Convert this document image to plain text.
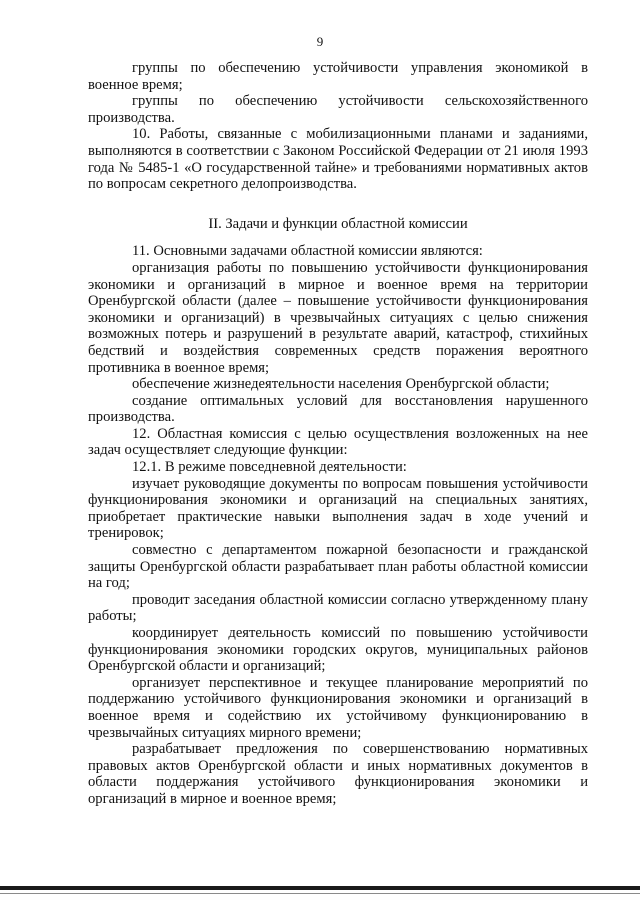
9

группы по обеспечению устойчивости управления экономикой в военное время;

группы по обеспечению устойчивости сельскохозяйственного производства.

10. Работы, связанные с мобилизационными планами и заданиями, выполняются в соответствии с Законом Российской Федерации от 21 июля 1993 года № 5485-1 «О государственной тайне» и требованиями нормативных актов по вопросам секретного делопроизводства.

II. Задачи и функции областной комиссии

11. Основными задачами областной комиссии являются:

организация работы по повышению устойчивости функционирования экономики и организаций в мирное и военное время на территории Оренбургской области (далее – повышение устойчивости функционирования экономики и организаций) в чрезвычайных ситуациях с целью снижения возможных потерь и разрушений в результате аварий, катастроф, стихийных бедствий и воздействия современных средств поражения вероятного противника в военное время;

обеспечение жизнедеятельности населения Оренбургской области;

создание оптимальных условий для восстановления нарушенного производства.

12. Областная комиссия с целью осуществления возложенных на нее задач осуществляет следующие функции:

12.1. В режиме повседневной деятельности:

изучает руководящие документы по вопросам повышения устойчивости функционирования экономики и организаций на специальных занятиях, приобретает практические навыки выполнения задач в ходе учений и тренировок;

совместно с департаментом пожарной безопасности и гражданской защиты Оренбургской области разрабатывает план работы областной комиссии на год;

проводит заседания областной комиссии согласно утвержденному плану работы;

координирует деятельность комиссий по повышению устойчивости функционирования экономики городских округов, муниципальных районов Оренбургской области и организаций;

организует перспективное и текущее планирование мероприятий по поддержанию устойчивого функционирования экономики и организаций в военное время и содействию их устойчивому функционированию в чрезвычайных ситуациях мирного времени;

разрабатывает предложения по совершенствованию нормативных правовых актов Оренбургской области и иных нормативных документов в области поддержания устойчивого функционирования экономики и организаций в мирное и военное время;
